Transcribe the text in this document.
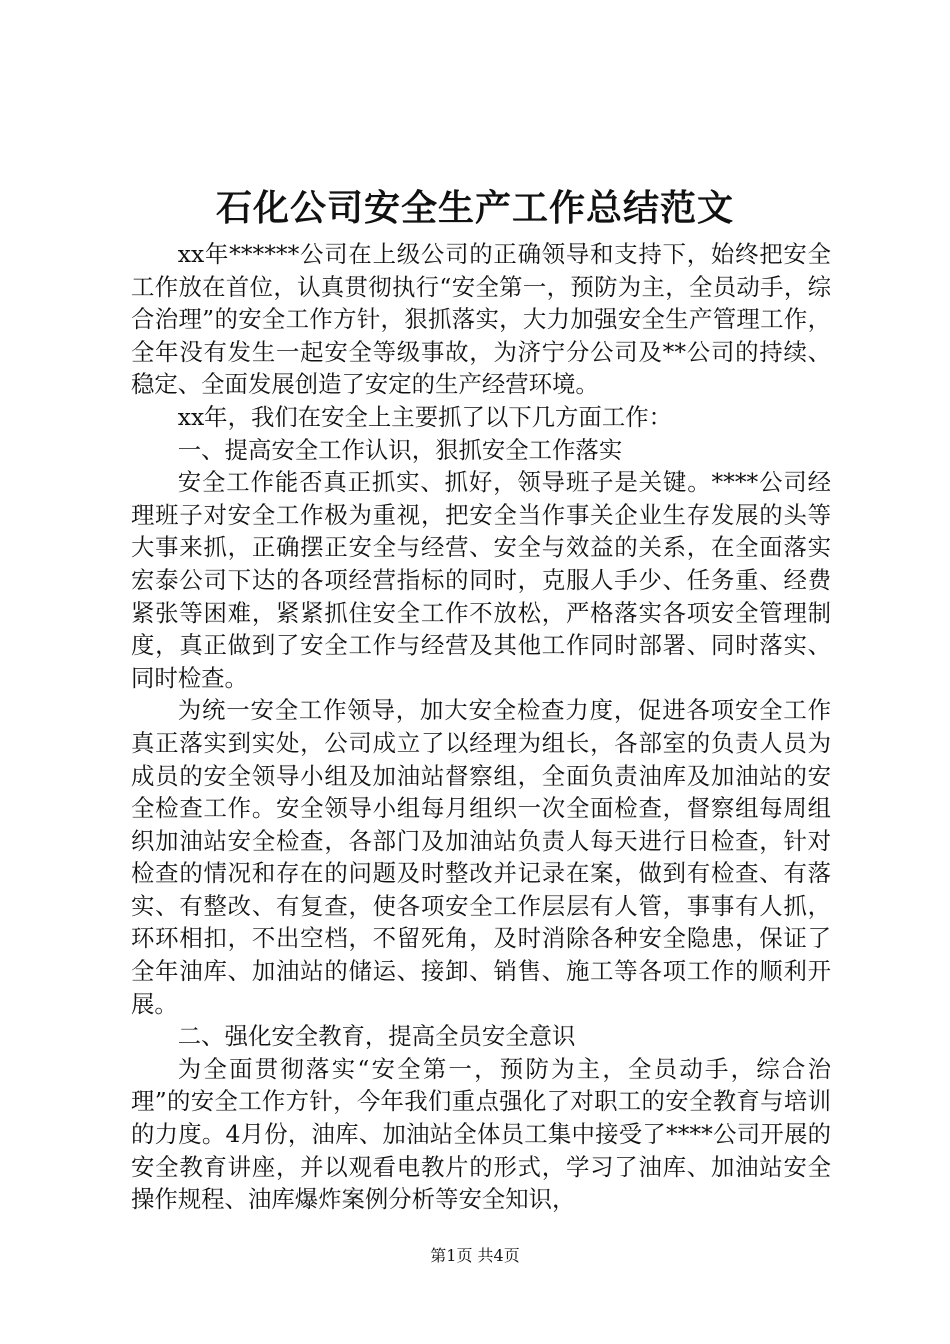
石化公司安全生产工作总结范文

xx年******公司在上级公司的正确领导和支持下，始终把安全工作放在首位，认真贯彻执行“安全第一，预防为主，全员动手，综合治理”的安全工作方针，狠抓落实，大力加强安全生产管理工作，全年没有发生一起安全等级事故，为济宁分公司及**公司的持续、稳定、全面发展创造了安定的生产经营环境。

xx年，我们在安全上主要抓了以下几方面工作：

一、提高安全工作认识，狠抓安全工作落实

安全工作能否真正抓实、抓好，领导班子是关键。****公司经理班子对安全工作极为重视，把安全当作事关企业生存发展的头等大事来抓，正确摆正安全与经营、安全与效益的关系，在全面落实宏泰公司下达的各项经营指标的同时，克服人手少、任务重、经费紧张等困难，紧紧抓住安全工作不放松，严格落实各项安全管理制度，真正做到了安全工作与经营及其他工作同时部署、同时落实、同时检查。

为统一安全工作领导，加大安全检查力度，促进各项安全工作真正落实到实处，公司成立了以经理为组长，各部室的负责人员为成员的安全领导小组及加油站督察组，全面负责油库及加油站的安全检查工作。安全领导小组每月组织一次全面检查，督察组每周组织加油站安全检查，各部门及加油站负责人每天进行日检查，针对检查的情况和存在的问题及时整改并记录在案，做到有检查、有落实、有整改、有复查，使各项安全工作层层有人管，事事有人抓，环环相扣，不出空档，不留死角，及时消除各种安全隐患，保证了全年油库、加油站的储运、接卸、销售、施工等各项工作的顺利开展。

二、强化安全教育，提高全员安全意识

为全面贯彻落实“安全第一，预防为主，全员动手，综合治理”的安全工作方针，今年我们重点强化了对职工的安全教育与培训的力度。4月份，油库、加油站全体员工集中接受了****公司开展的安全教育讲座，并以观看电教片的形式，学习了油库、加油站安全操作规程、油库爆炸案例分析等安全知识，

第1页 共4页
